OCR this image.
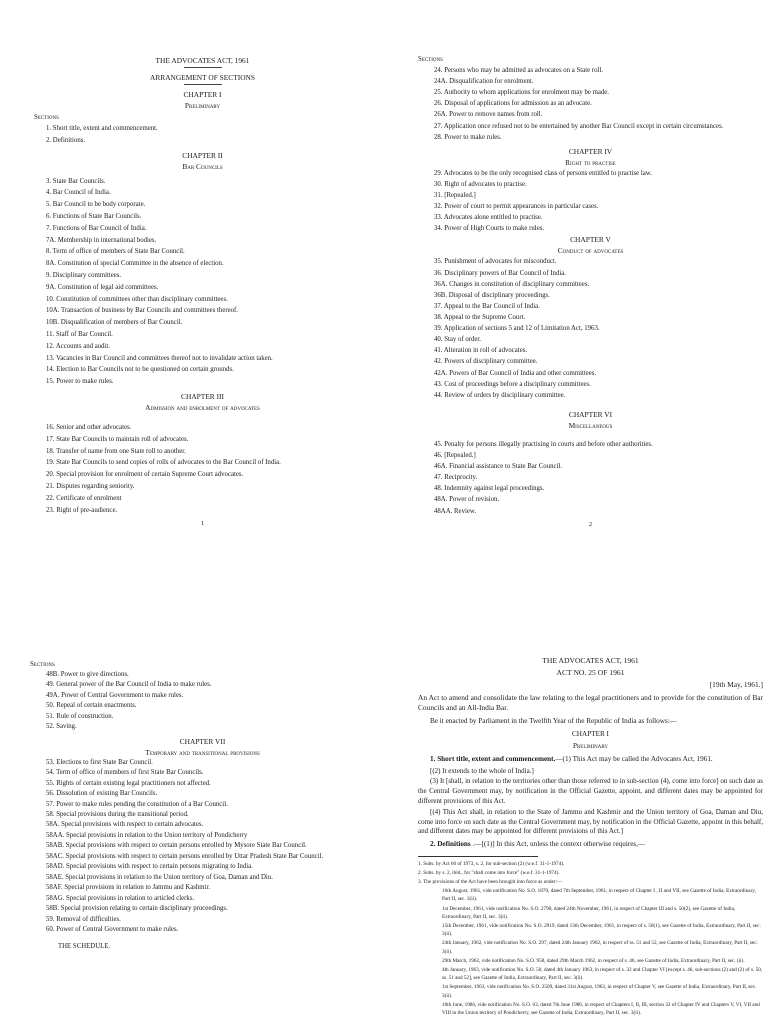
THE ADVOCATES ACT, 1961

ARRANGEMENT OF SECTIONS

CHAPTER I

Preliminary

Sections

1. Short title, extent and commencement.
2. Definitions.

CHAPTER II

Bar Councils

3. State Bar Councils.
4. Bar Council of India.
5. Bar Council to be body corporate.
6. Functions of State Bar Councils.
7. Functions of Bar Council of India.
7A. Membership in international bodies.
8. Term of office of members of State Bar Council.
8A. Constitution of special Committee in the absence of election.
9. Disciplinary committees.
9A. Constitution of legal aid committees.
10. Constitution of committees other than disciplinary committees.
10A. Transaction of business by Bar Councils and committees thereof.
10B. Disqualification of members of Bar Council.
11. Staff of Bar Council.
12. Accounts and audit.
13. Vacancies in Bar Council and committees thereof not to invalidate action taken.
14. Election to Bar Councils not to be questioned on certain grounds.
15. Power to make rules.

CHAPTER III

Admission and enrolment of advocates

16. Senior and other advocates.
17. State Bar Councils to maintain roll of advocates.
18. Transfer of name from one State roll to another.
19. State Bar Councils to send copies of rolls of advocates to the Bar Council of India.
20. Special provision for enrolment of certain Supreme Court advocates.
21. Disputes regarding seniority.
22. Certificate of enrolment
23. Right of pre-audience.

1

Sections

24. Persons who may be admitted as advocates on a State roll.
24A. Disqualification for enrolment.
25. Authority to whom applications for enrolment may be made.
26. Disposal of applications for admission as an advocate.
26A. Power to remove names from roll.
27. Application once refused not to be entertained by another Bar Council except in certain circumstances.
28. Power to make rules.

CHAPTER IV

Right to practise

29. Advocates to be the only recognised class of persons entitled to practise law.
30. Right of advocates to practise.
31. [Repealed.]
32. Power of court to permit appearances in particular cases.
33. Advocates alone entitled to practise.
34. Power of High Courts to make rules.

CHAPTER V

Conduct of advocates

35. Punishment of advocates for misconduct.
36. Disciplinary powers of Bar Council of India.
36A. Changes in constitution of disciplinary committees.
36B. Disposal of disciplinary proceedings.
37. Appeal to the Bar Council of India.
38. Appeal to the Supreme Court.
39. Application of sections 5 and 12 of Limitation Act, 1963.
40. Stay of order.
41. Alteration in roll of advocates.
42. Powers of disciplinary committee.
42A. Powers of Bar Council of India and other committees.
43. Cost of proceedings before a disciplinary committees.
44. Review of orders by disciplinary committee.

CHAPTER VI

Miscellaneous

45. Penalty for persons illegally practising in courts and before other authorities.
46. [Repealed.]
46A. Financial assistance to State Bar Council.
47. Reciprocity.
48. Indemnity against legal proceedings.
48A. Power of revision.
48AA. Review.

2

Sections

48B. Power to give directions.
49. General power of the Bar Council of India to make rules.
49A. Power of Central Government to make rules.
50. Repeal of certain enactments.
51. Rule of construction.
52. Saving.

CHAPTER VII

Temporary and transitional provisions

53. Elections to first State Bar Council.
54. Term of office of members of first State Bar Councils.
55. Rights of certain existing legal practitioners not affected.
56. Dissolution of existing Bar Councils.
57. Power to make rules pending the constitution of a Bar Council.
58. Special provisions during the transitional period.
58A. Special provisions with respect to certain advocates.
58AA. Special provisions in relation to the Union territory of Pondicherry
58AB. Special provisions with respect to certain persons enrolled by Mysore State Bar Council.
58AC. Special provisions with respect to certain persons enrolled by Uttar Pradesh State Bar Council.
58AD. Special provisions with respect to certain persons migrating to India.
58AE. Special provisions in relation to the Union territory of Goa, Daman and Diu.
58AF. Special provisions in relation to Jammu and Kashmir.
58AG. Special provisions in relation to articled clerks.
58B. Special provision relating to certain disciplinary proceedings.
59. Removal of difficulties.
60. Power of Central Government to make rules.

THE SCHEDULE.

THE ADVOCATES ACT, 1961

ACT NO. 25 OF 1961

[19th May, 1961.]

An Act to amend and consolidate the law relating to the legal practitioners and to provide for the constitution of Bar Councils and an All-India Bar.

Be it enacted by Parliament in the Twelfth Year of the Republic of India as follows:—

CHAPTER I

Preliminary

1. Short title, extent and commencement.—(1) This Act may be called the Advocates Act, 1961.

[(2) It extends to the whole of India.]

(3) It [shall, in relation to the territories other than those referred to in sub-section (4), come into force] on such date as the Central Government may, by notification in the Official Gazette, appoint, and different dates may be appointed for different provisions of this Act.

[(4) This Act shall, in relation to the State of Jammu and Kashmir and the Union territory of Goa, Daman and Diu, come into force on such date as the Central Government may, by notification in the Official Gazette, appoint in this behalf, and different dates may be appointed for different provisions of this Act.]

2. Definitions .—[(1)] In this Act, unless the context otherwise requires,—

1. Subs. by Act 60 of 1973, s. 2, for sub-section (2) (w.e.f. 31-1-1974).

2. Subs. by s. 2, ibid., for "shall come into force" (w.e.f. 31-1-1974).

3. The provisions of the Act have been brought into force as under:—

16th August, 1961, vide notification No. S.O. 1870, dated 7th September, 1961, in respect of Chapter I , II and VII, see Gazette of India, Extraordinary, Part II, sec. 3(ii).

1st December, 1961, vide notification No. S.O. 2790, dated 24th November, 1961, in respect of Chapter III and s. 50(2), see Gazette of India, Extraordinary, Part II, sec. 3(ii).

15th December, 1961, vide notification No. S.O. 2919, dated 13th December, 1961, in respect of s. 50(1), see Gazette of India, Extraordinary, Part II, sec. 3(ii).

24th January, 1962, vide notification No. S.O. 297, dated 24th January 1962, in respect of ss. 51 and 52, see Gazette of India, Extraordinary, Part II, sec. 3(ii).

29th March, 1962, vide notification No. S.O. 958, dated 29th March 1962, in respect of s. 46, see Gazette of India, Extraordinary, Part II, sec. (ii).

4th January, 1963, vide notification No. S.O. 50, dated 4th January 1963, in respect of s. 32 and Chapter VI [except s. 46, sub-sections (2) and (2) of s. 50, ss. 51 and 52], see Gazette of India, Extraordinary, Part II, sec. 3(ii).

1st September, 1963, vide notification No. S.O. 2509, dated 31st August, 1963, in respect of Chapter V, see Gazette of India, Extraordinary, Part II, sec. 3(ii).

10th June, 1986, vide notification No. S.O. 63, dated 7th June 1986, in respect of Chapters I, II, III, section 32 of Chapter IV and Chapters V, VI, VII and VIII in the Union territory of Pondicherry, see Gazette of India, Extraordinary, Part II, sec. 3(ii).
